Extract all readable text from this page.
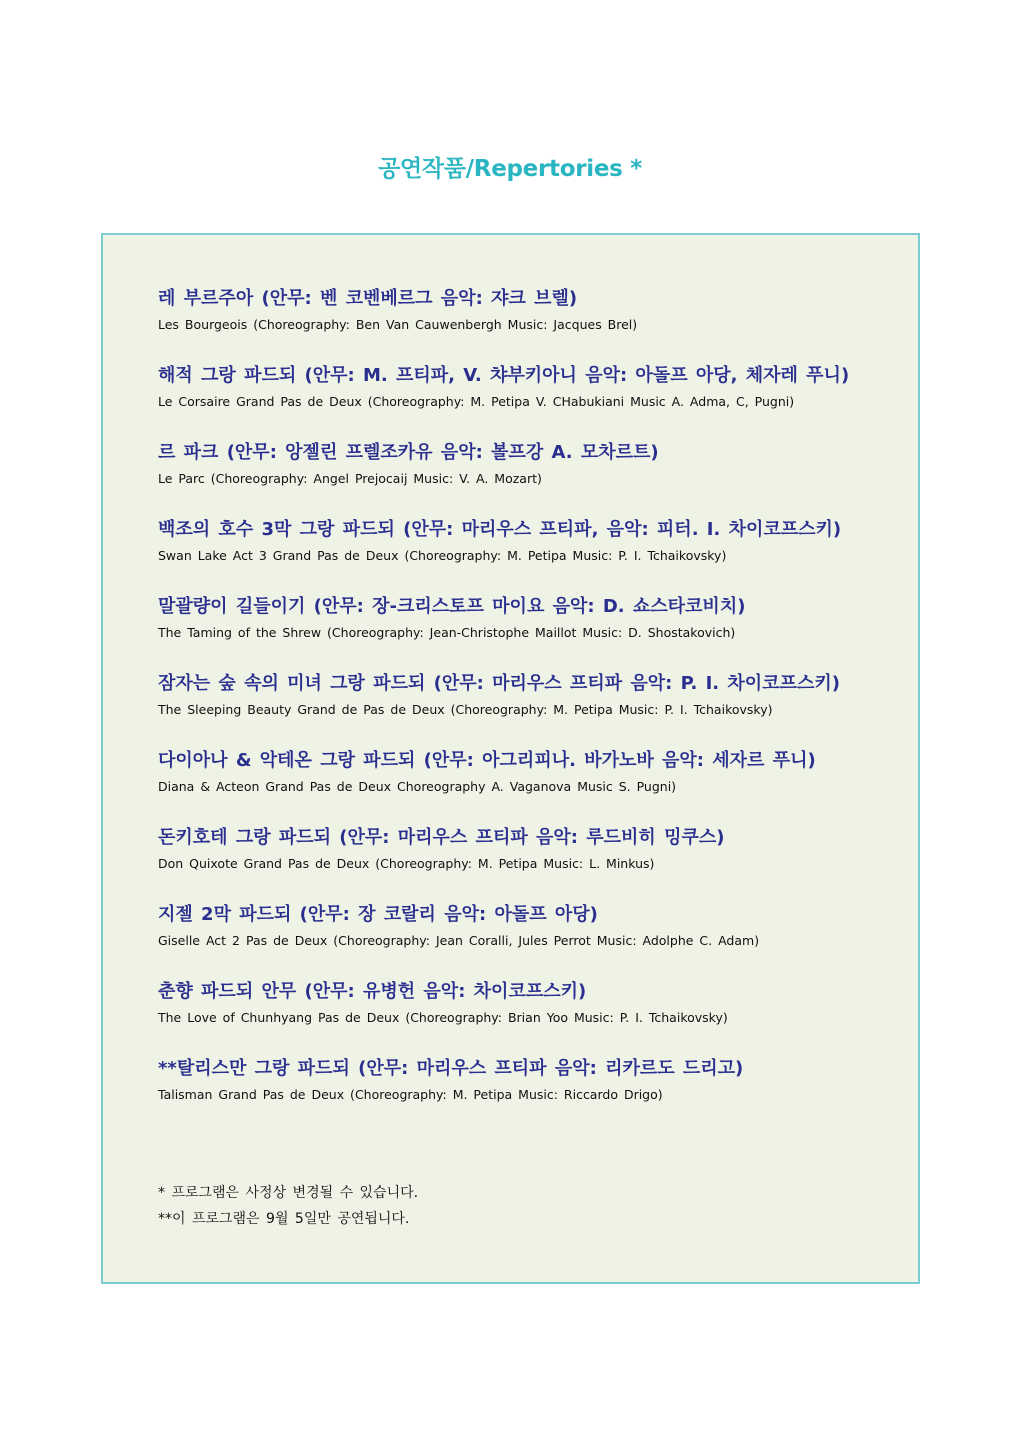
공연작품/Repertories *
레 부르주아 (안무: 벤 코벤베르그 음악: 쟈크 브렐)
Les Bourgeois (Choreography: Ben Van Cauwenbergh Music: Jacques Brel)
해적 그랑 파드되 (안무: M. 프티파, V. 챠부키아니 음악: 아돌프 아당, 체자레 푸니)
Le Corsaire Grand Pas de Deux (Choreography: M. Petipa V. CHabukiani Music A. Adma, C, Pugni)
르 파크 (안무: 앙젤린 프렐조카유 음악: 볼프강 A. 모차르트)
Le Parc (Choreography: Angel Prejocaij Music: V. A. Mozart)
백조의 호수 3막 그랑 파드되 (안무: 마리우스 프티파, 음악: 피터. I. 차이코프스키)
Swan Lake Act 3 Grand Pas de Deux (Choreography: M. Petipa Music: P. I. Tchaikovsky)
말괄량이 길들이기 (안무: 장-크리스토프 마이요 음악: D. 쇼스타코비치)
The Taming of the Shrew (Choreography: Jean-Christophe Maillot Music: D. Shostakovich)
잠자는 숲 속의 미녀 그랑 파드되 (안무: 마리우스 프티파 음악: P. I. 차이코프스키)
The Sleeping Beauty Grand de Pas de Deux (Choreography: M. Petipa Music: P. I. Tchaikovsky)
다이아나 & 악테온 그랑 파드되 (안무: 아그리피나. 바가노바 음악: 세자르 푸니)
Diana & Acteon Grand Pas de Deux Choreography A. Vaganova Music S. Pugni)
돈키호테 그랑 파드되 (안무: 마리우스 프티파 음악: 루드비히 밍쿠스)
Don Quixote Grand Pas de Deux (Choreography: M. Petipa Music: L. Minkus)
지젤 2막 파드되 (안무: 장 코랄리 음악: 아돌프 아당)
Giselle Act 2 Pas de Deux (Choreography: Jean Coralli, Jules Perrot Music: Adolphe C. Adam)
춘향 파드되 안무 (안무: 유병헌 음악: 차이코프스키)
The Love of Chunhyang Pas de Deux (Choreography: Brian Yoo Music: P. I. Tchaikovsky)
**탈리스만 그랑 파드되 (안무: 마리우스 프티파 음악: 리카르도 드리고)
Talisman Grand Pas de Deux (Choreography: M. Petipa Music: Riccardo Drigo)
* 프로그램은 사정상 변경될 수 있습니다.
**이 프로그램은 9월 5일만 공연됩니다.
